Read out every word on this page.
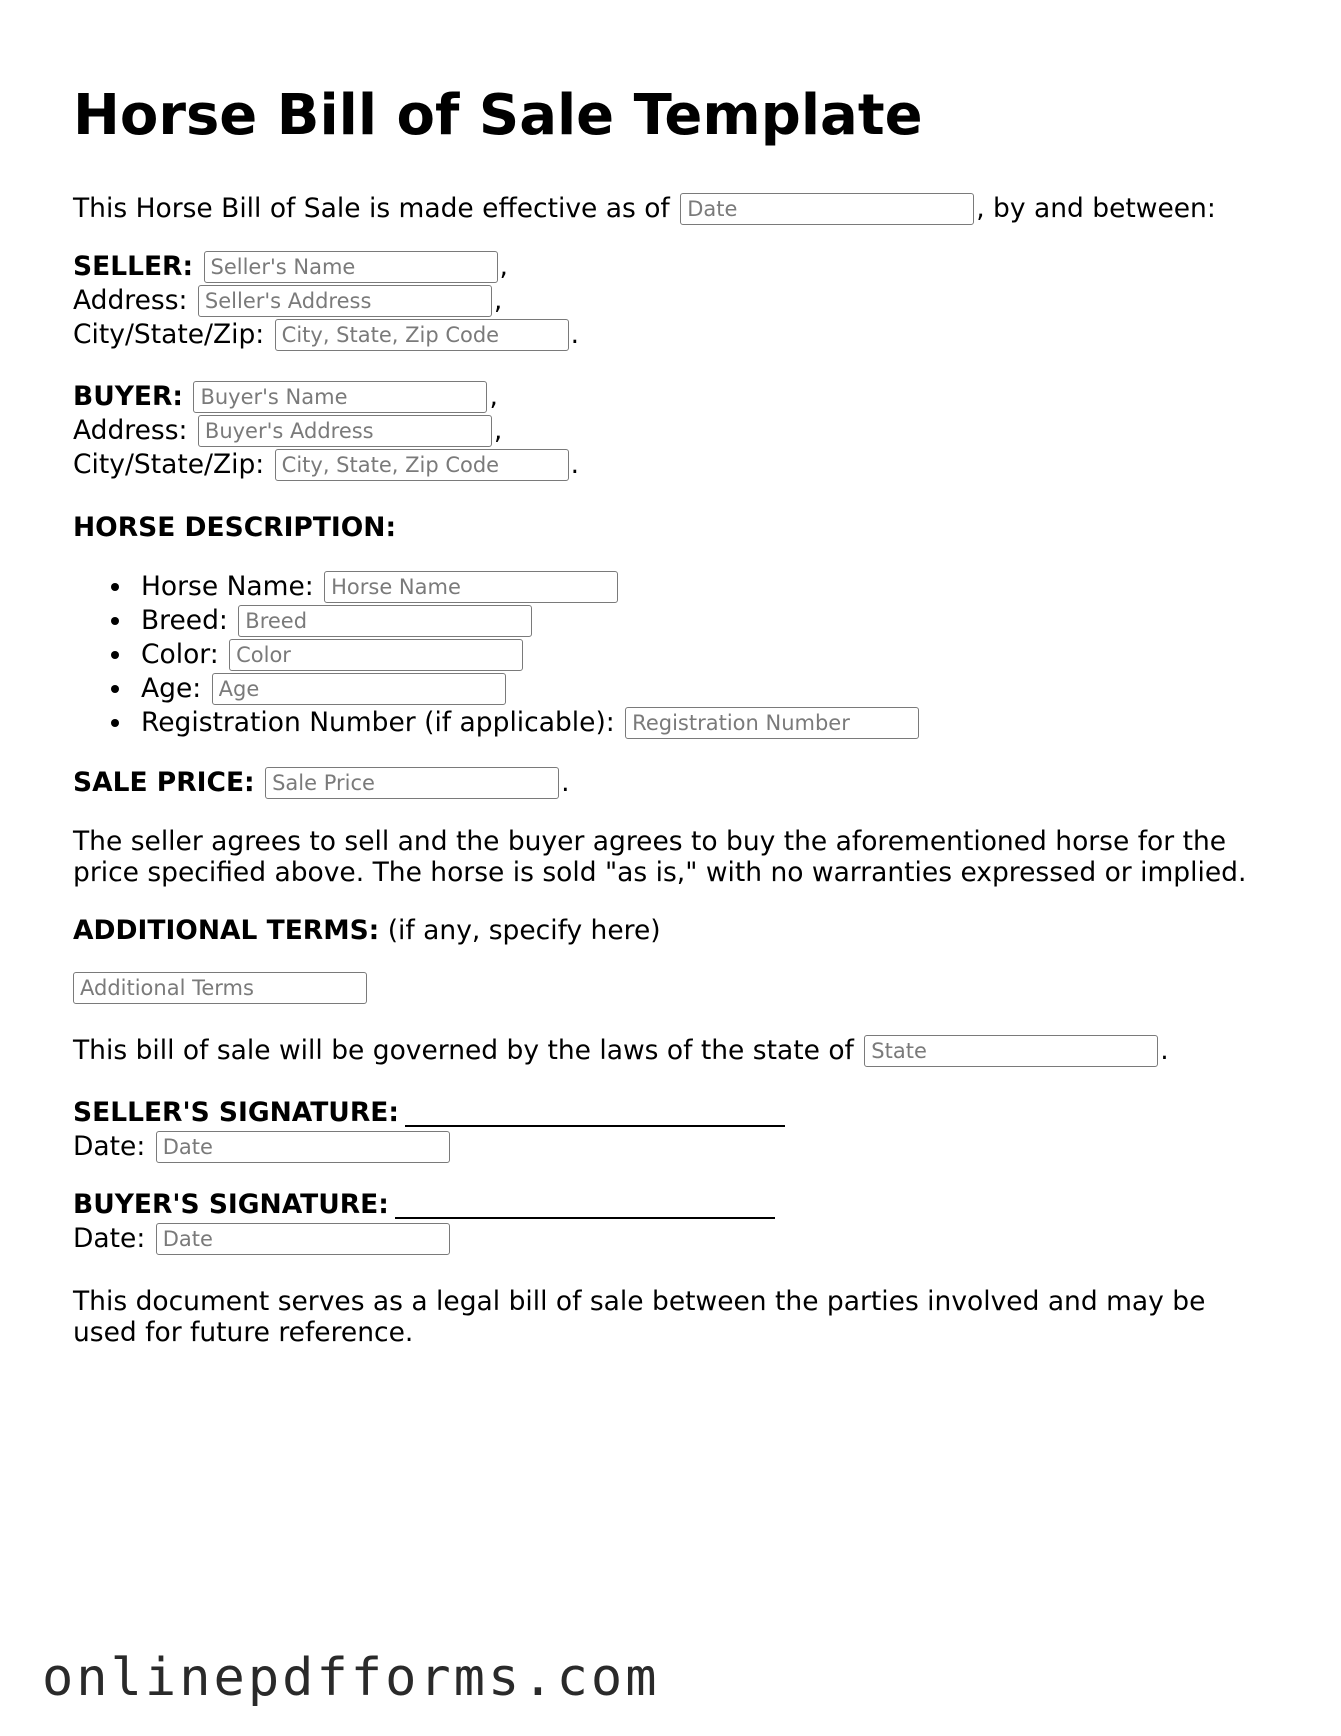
Horse Bill of Sale Template
This Horse Bill of Sale is made effective as of

Date	, by and between:
SELLER:

Seller's Name	,
Address:

Seller's Address	,
City/State/Zip:

City, State, Zip Code	.
BUYER:

Buyer's Name	,
Address:

Buyer's Address	,
City/State/Zip:

City, State, Zip Code	.
HORSE DESCRIPTION:
Horse Name:

Horse Name
Breed:

Breed
Color:

Color
Age:

Age
Registration Number (if applicable):

Registration Number
SALE PRICE:

Sale Price	.

The seller agrees to sell and the buyer agrees to buy the aforementioned horse for the price specified above. The horse is sold "as is," with no warranties expressed or implied.

ADDITIONAL TERMS:
(if any, specify here)
Additional Terms
This bill of sale will be governed by the laws of the state of

State	.
SELLER'S SIGNATURE:
Date:

Date
BUYER'S SIGNATURE:
Date:

Date

This document serves as a legal bill of sale between the parties involved and may be used for future reference.

onlinepdfforms.com
